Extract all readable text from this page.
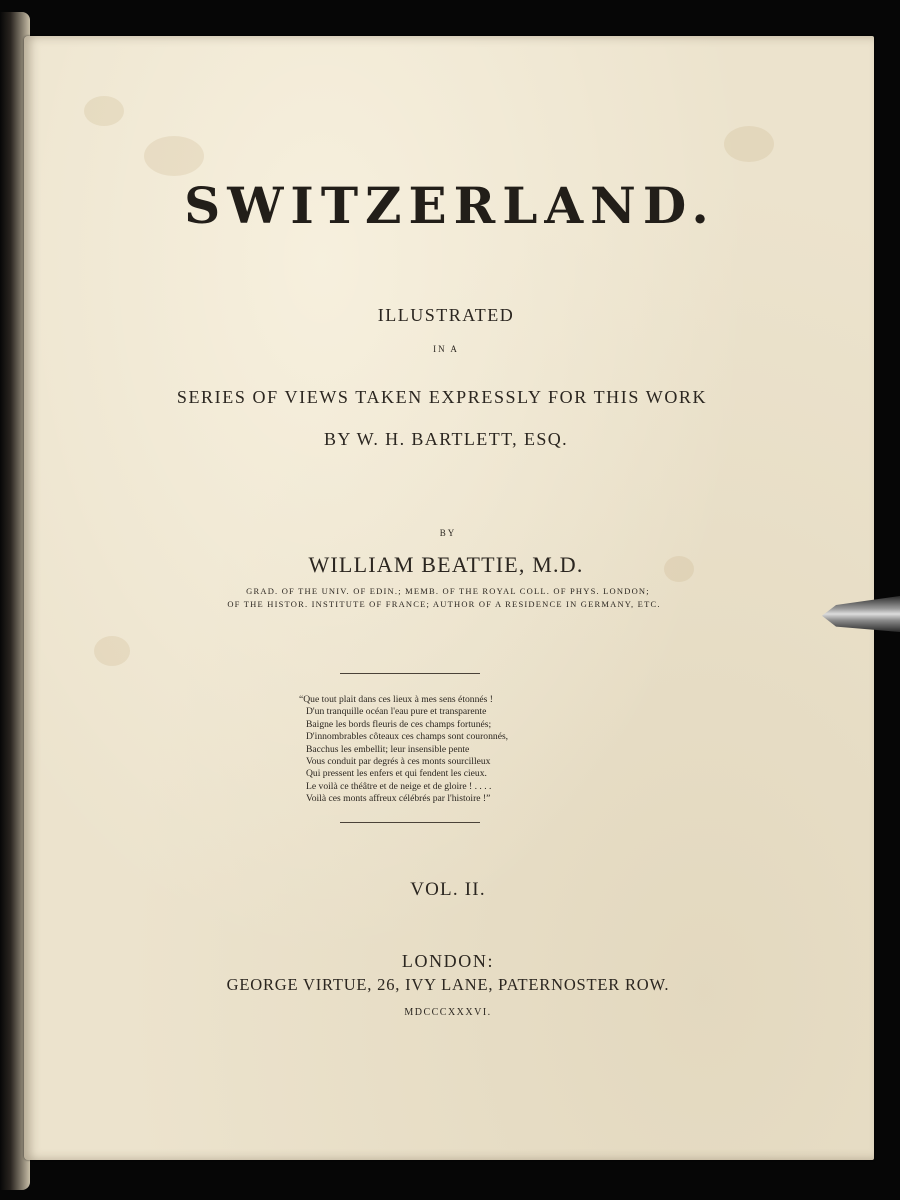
SWITZERLAND.
ILLUSTRATED
IN A
SERIES OF VIEWS TAKEN EXPRESSLY FOR THIS WORK
BY W. H. BARTLETT, ESQ.
BY
WILLIAM BEATTIE, M.D.
GRAD. OF THE UNIV. OF EDIN.; MEMB. OF THE ROYAL COLL. OF PHYS. LONDON;
OF THE HISTOR. INSTITUTE OF FRANCE; AUTHOR OF A RESIDENCE IN GERMANY, ETC.
“Que tout plait dans ces lieux à mes sens étonnés !
D'un tranquille océan l'eau pure et transparente
Baigne les bords fleuris de ces champs fortunés;
D'innombrables côteaux ces champs sont couronnés,
Bacchus les embellit; leur insensible pente
Vous conduit par degrés à ces monts sourcilleux
Qui pressent les enfers et qui fendent les cieux.
Le voilà ce théâtre et de neige et de gloire ! . . . .
Voilà ces monts affreux célébrés par l'histoire !”
VOL. II.
LONDON:
GEORGE VIRTUE, 26, IVY LANE, PATERNOSTER ROW.
MDCCCXXXVI.
